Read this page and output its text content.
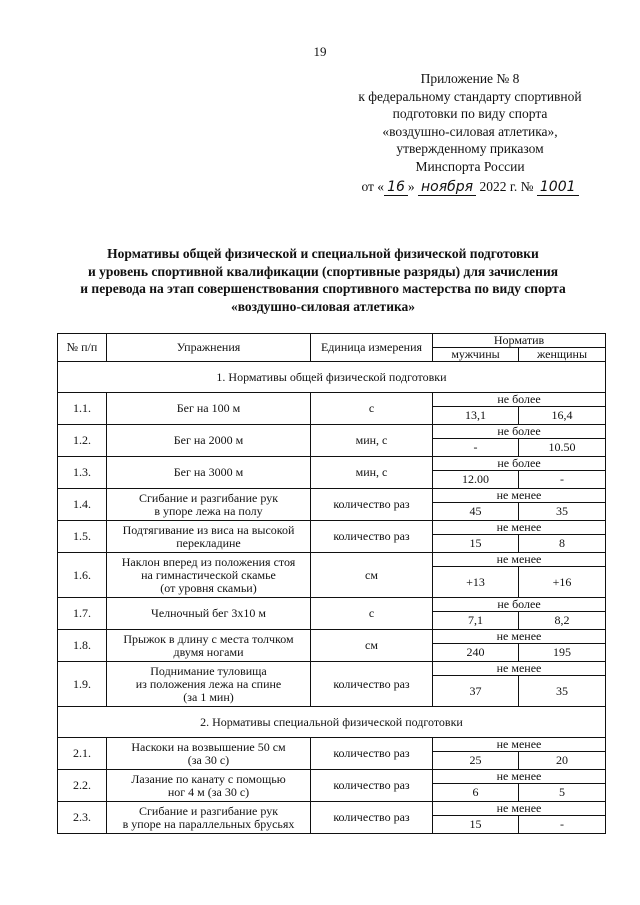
19
Приложение № 8
к федеральному стандарту спортивной
подготовки по виду спорта
«воздушно-силовая атлетика»,
утвержденному приказом
Минспорта России
от « 16 » ноября 2022 г. № 1001
Нормативы общей физической и специальной физической подготовки
и уровень спортивной квалификации (спортивные разряды) для зачисления
и перевода на этап совершенствования спортивного мастерства по виду спорта
«воздушно-силовая атлетика»
№ п/п	Упражнения	Единица измерения	Норматив	
			мужчины	женщины
1. Нормативы общей физической подготовки				
1.1.	Бег на 100 м	с	не более	
			13,1	16,4
1.2.	Бег на 2000 м	мин, с	не более	
			-	10.50
1.3.	Бег на 3000 м	мин, с	не более	
			12.00	-
1.4.	Сгибание и разгибание рук
в упоре лежа на полу	количество раз	не менее	
			45	35
1.5.	Подтягивание из виса на высокой
перекладине	количество раз	не менее	
			15	8
1.6.	Наклон вперед из положения стоя
на гимнастической скамье
(от уровня скамьи)	см	не менее	
			+13	+16
1.7.	Челночный бег 3x10 м	с	не более	
			7,1	8,2
1.8.	Прыжок в длину с места толчком
двумя ногами	см	не менее	
			240	195
1.9.	Поднимание туловища
из положения лежа на спине
(за 1 мин)	количество раз	не менее	
			37	35
2. Нормативы специальной физической подготовки				
2.1.	Наскоки на возвышение 50 см
(за 30 с)	количество раз	не менее	
			25	20
2.2.	Лазание по канату с помощью
ног 4 м (за 30 с)	количество раз	не менее	
			6	5
2.3.	Сгибание и разгибание рук
в упоре на параллельных брусьях	количество раз	не менее	
			15	-
